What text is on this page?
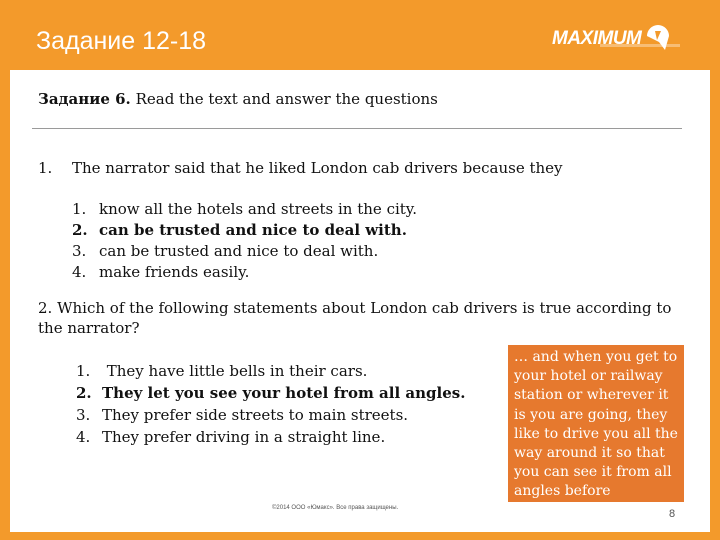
Задание 12-18	MAXIMUM
Задание 6. Read the text and answer the questions
1. The narrator said that he liked London cab drivers because they
1. know all the hotels and streets in the city.
2. can be trusted and nice to deal with.
3. can be trusted and nice to deal with.
4. make friends easily.
2. Which of the following statements about London cab drivers is true according to the narrator?
1. They have little bells in their cars.
2. They let you see your hotel from all angles.
3. They prefer side streets to main streets.
4. They prefer driving in a straight line.
… and when you get to your hotel or railway station or wherever it is you are going, they like to drive you all the way around it so that you can see it from all angles before alighting.
©2014 ООО «Юмакс». Все права защищены.	8
